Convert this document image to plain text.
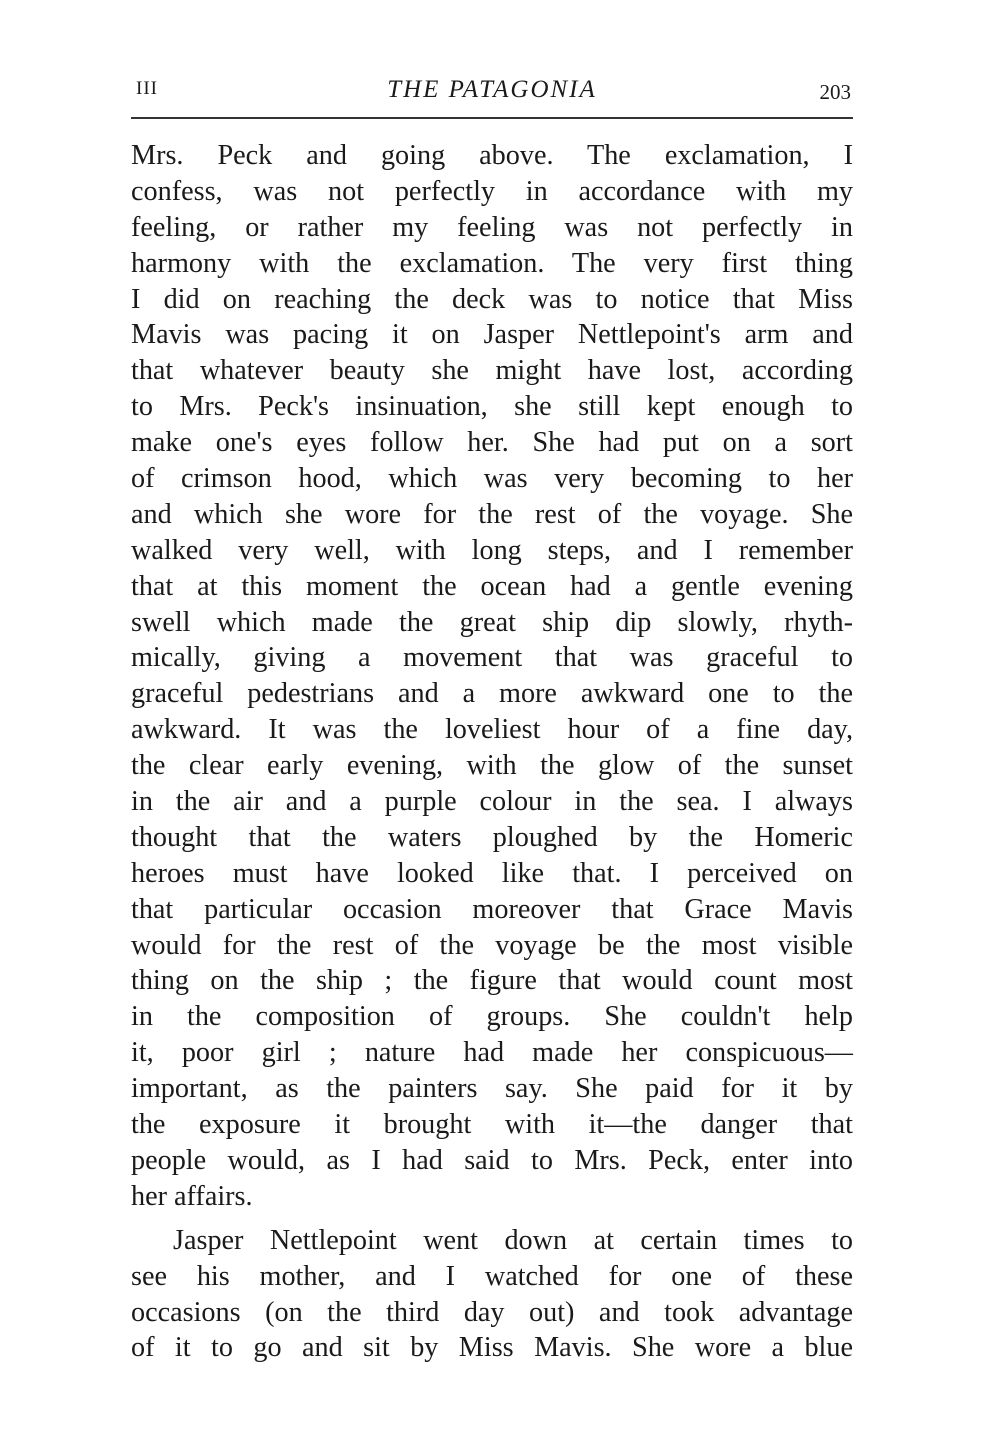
III	THE PATAGONIA	203
Mrs. Peck and going above. The exclamation, I
confess, was not perfectly in accordance with my
feeling, or rather my feeling was not perfectly in
harmony with the exclamation. The very first thing
I did on reaching the deck was to notice that Miss
Mavis was pacing it on Jasper Nettlepoint's arm and
that whatever beauty she might have lost, according
to Mrs. Peck's insinuation, she still kept enough to
make one's eyes follow her. She had put on a sort
of crimson hood, which was very becoming to her
and which she wore for the rest of the voyage. She
walked very well, with long steps, and I remember
that at this moment the ocean had a gentle evening
swell which made the great ship dip slowly, rhyth-
mically, giving a movement that was graceful to
graceful pedestrians and a more awkward one to the
awkward. It was the loveliest hour of a fine day,
the clear early evening, with the glow of the sunset
in the air and a purple colour in the sea. I always
thought that the waters ploughed by the Homeric
heroes must have looked like that. I perceived on
that particular occasion moreover that Grace Mavis
would for the rest of the voyage be the most visible
thing on the ship ; the figure that would count most
in the composition of groups. She couldn't help
it, poor girl ; nature had made her conspicuous—
important, as the painters say. She paid for it by
the exposure it brought with it—the danger that
people would, as I had said to Mrs. Peck, enter into
her affairs.
Jasper Nettlepoint went down at certain times to
see his mother, and I watched for one of these
occasions (on the third day out) and took advantage
of it to go and sit by Miss Mavis. She wore a blue
